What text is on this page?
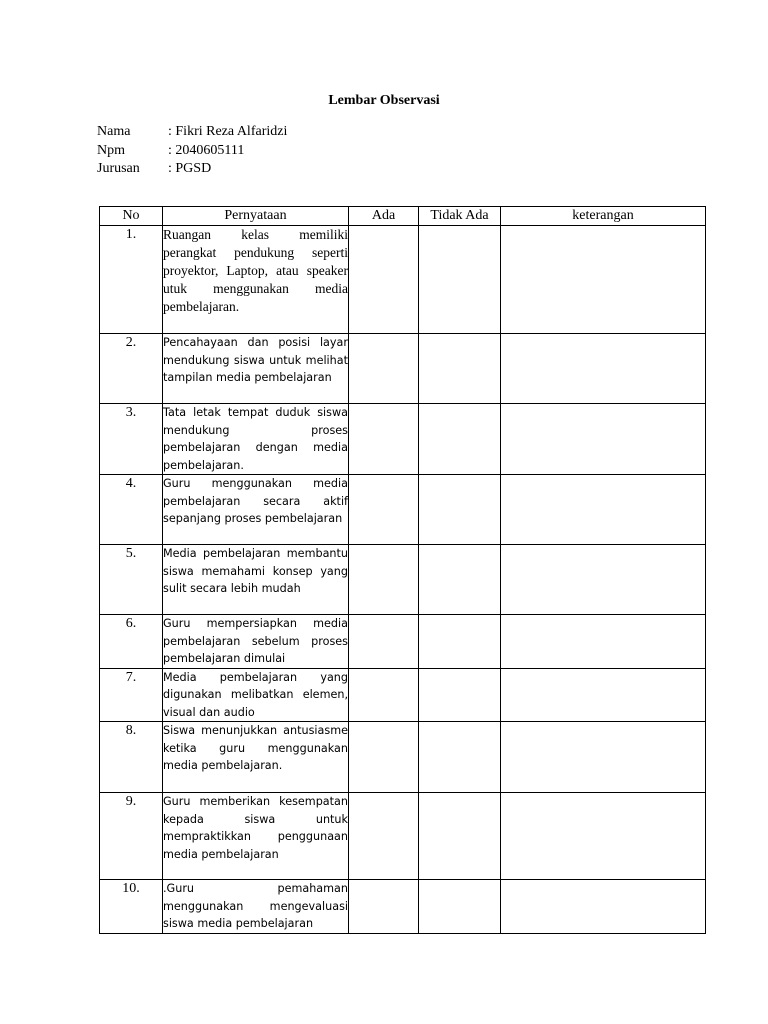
Lembar Observasi
Nama	: Fikri Reza Alfaridzi
Npm	: 2040605111
Jurusan	: PGSD
No	Pernyataan	Ada	Tidak Ada	keterangan
1.	Ruangan kelas memiliki perangkat pendukung seperti proyektor, Laptop, atau speaker utuk menggunakan media pembelajaran.			
2.	Pencahayaan dan posisi layar mendukung siswa untuk melihat tampilan media pembelajaran			
3.	Tata letak tempat duduk siswa mendukung proses pembelajaran dengan media pembelajaran.			
4.	Guru menggunakan media pembelajaran secara aktif sepanjang proses pembelajaran			
5.	Media pembelajaran membantu siswa memahami konsep yang sulit secara lebih mudah			
6.	Guru mempersiapkan media pembelajaran sebelum proses pembelajaran dimulai			
7.	Media pembelajaran yang digunakan melibatkan elemen, visual dan audio			
8.	Siswa menunjukkan antusiasme ketika guru menggunakan media pembelajaran.			
9.	Guru memberikan kesempatan kepada siswa untuk mempraktikkan penggunaan media pembelajaran			
10.	.Guru pemahaman menggunakan mengevaluasi siswa media pembelajaran			
